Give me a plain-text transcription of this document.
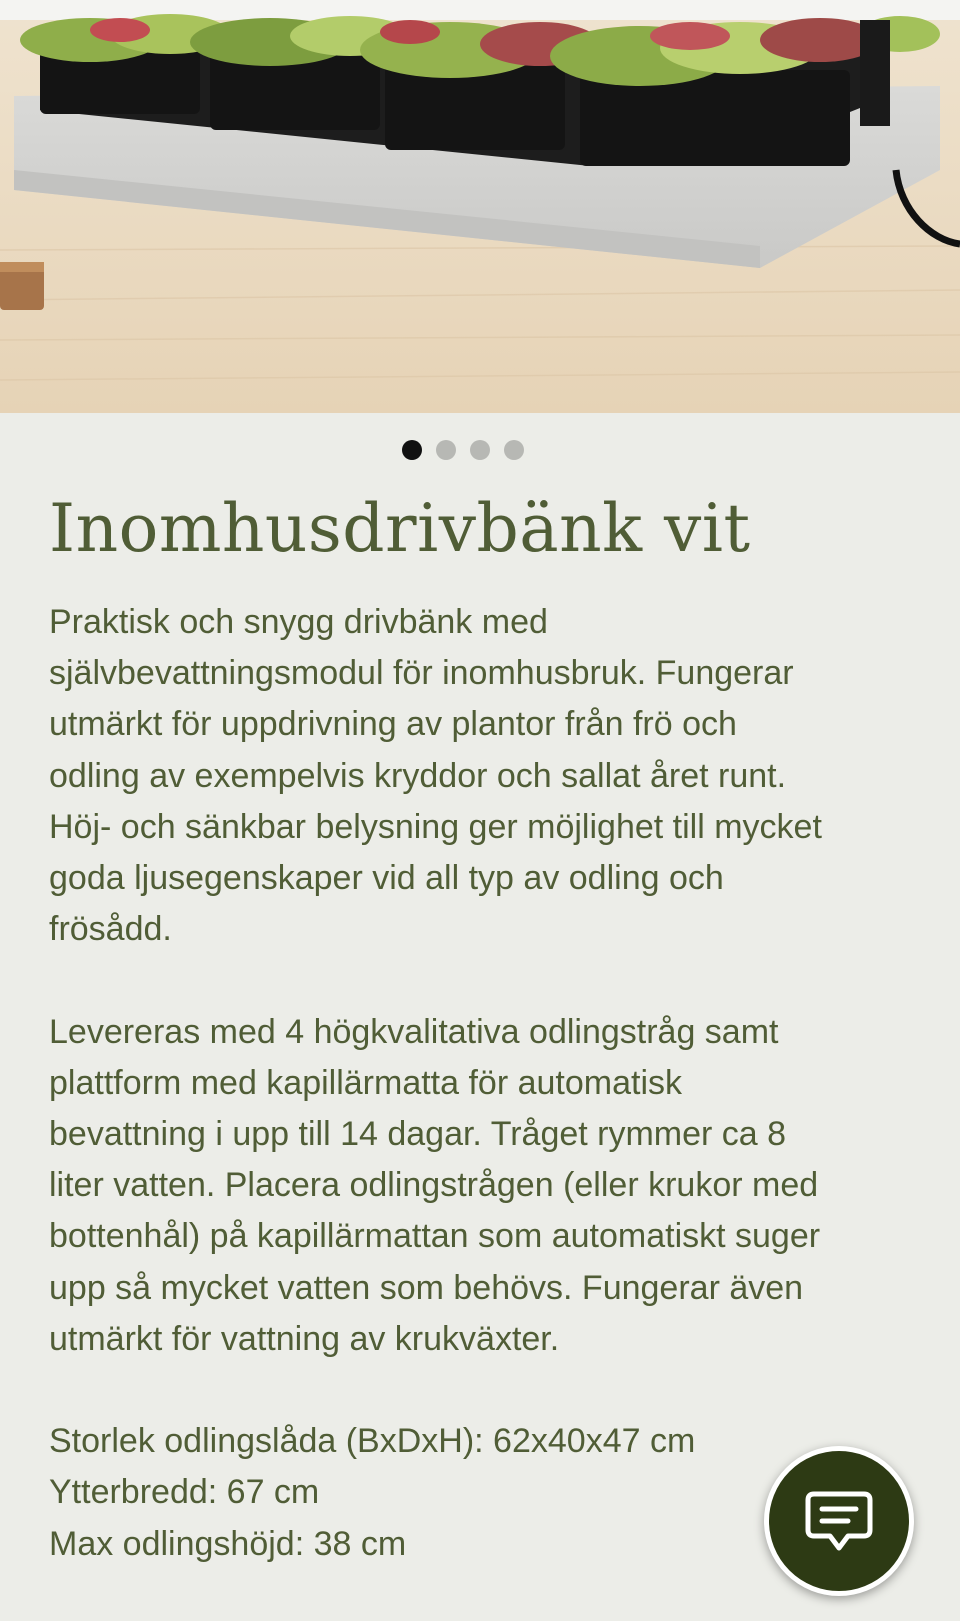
Inomhusdrivbänk vit

Praktisk och snygg drivbänk med
självbevattningsmodul för inomhusbruk. Fungerar
utmärkt för uppdrivning av plantor från frö och
odling av exempelvis kryddor och sallat året runt.
Höj- och sänkbar belysning ger möjlighet till mycket
goda ljusegenskaper vid all typ av odling och
frösådd.

Levereras med 4 högkvalitativa odlingstråg samt
plattform med kapillärmatta för automatisk
bevattning i upp till 14 dagar. Tråget rymmer ca 8
liter vatten. Placera odlingstrågen (eller krukor med
bottenhål) på kapillärmattan som automatiskt suger
upp så mycket vatten som behövs. Fungerar även
utmärkt för vattning av krukväxter.

Storlek odlingslåda (BxDxH): 62x40x47 cm
Ytterbredd: 67 cm
Max odlingshöjd: 38 cm
